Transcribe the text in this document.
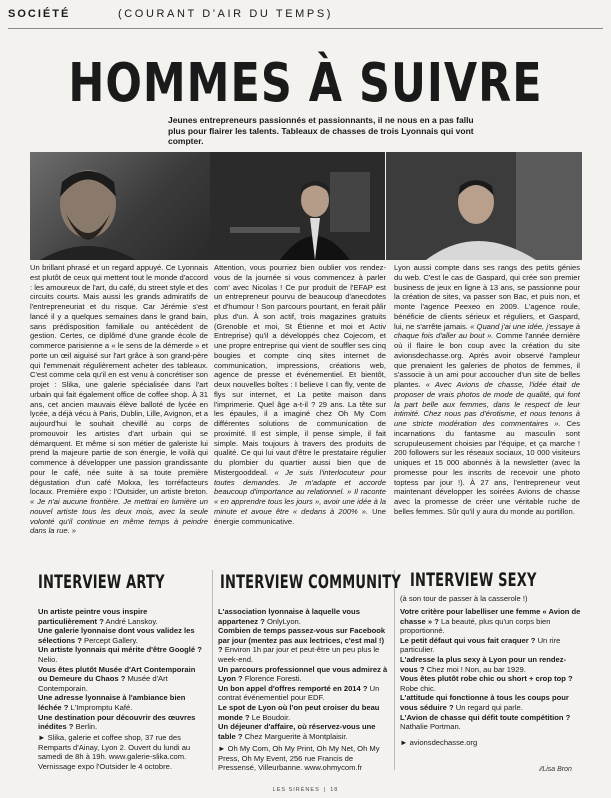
SOCIÉTÉ	(COURANT D'AIR DU TEMPS)
HOMMES À SUIVRE
Jeunes entrepreneurs passionnés et passionnants, il ne nous en a pas fallu plus pour flairer les talents. Tableaux de chasses de trois Lyonnais qui vont compter.
Un brillant phrasé et un regard appuyé. Ce Lyonnais est plutôt de ceux qui mettent tout le monde d'accord : les amoureux de l'art, du café, du street style et des circuits courts. Mais aussi les grands admiratifs de l'entrepreneuriat et du risque. Car Jérémie s'est lancé il y a quelques semaines dans le grand bain, sans prédisposition familiale ou antécédent de gestion. Certes, ce diplômé d'une grande école de commerce parisienne a « le sens de la démerde » et porte un œil aiguisé sur l'art grâce à son grand-père qui l'emmenait régulièrement acheter des tableaux. C'est comme cela qu'il en est venu à concrétiser son projet : Slika, une galerie spécialisée dans l'art urbain qui fait également office de coffee shop. À 31 ans, cet ancien mauvais élève balloté de lycée en lycée, a déjà vécu à Paris, Dublin, Lille, Avignon, et a aujourd'hui le souhait chevillé au corps de promouvoir les artistes d'art urbain qui se démarquent. Et même si son métier de galeriste lui prend la majeure partie de son énergie, le voilà qui commence à développer une passion grandissante pour le café, née suite à sa toute première dégustation d'un café Mokxa, les torréfacteurs locaux. Première expo : l'Outsider, un artiste breton. « Je n'ai aucune frontière. Je mettrai en lumière un nouvel artiste tous les deux mois, avec la seule volonté qu'il continue en même temps à peindre dans la rue. »
Attention, vous pourriez bien oublier vos rendez-vous de la journée si vous commencez à parler com' avec Nicolas ! Ce pur produit de l'EFAP est un entrepreneur pourvu de beaucoup d'anecdotes et d'humour ! Son parcours pourtant, en ferait pâlir plus d'un. À son actif, trois magazines gratuits (Grenoble et moi, St Étienne et moi et Activ Entreprise) qu'il a développés chez Cojecom, et une propre entreprise qui vient de souffler ses cinq bougies et compte cinq sites internet de communication, impressions, créations web, agence de presse et événementiel. Et bientôt, deux nouvelles boîtes : I believe I can fly, vente de flys sur internet, et La petite maison dans l'imprimerie. Quel âge a-t-il ? 29 ans. La tête sur les épaules, il a imaginé chez Oh My Com différentes solutions de communication de proximité. Il est simple, il pense simple, il fait simple. Mais toujours à travers des produits de qualité. Ce qui lui vaut d'être le prestataire régulier du plombier du quartier aussi bien que de Mistergooddeal. « Je suis l'interlocuteur pour toutes demandes. Je m'adapte et accorde beaucoup d'importance au relationnel. » Il raconte « en apprendre tous les jours », avoir une idée à la minute et avoue être « dedans à 200% ». Une énergie communicative.
Lyon aussi compte dans ses rangs des petits génies du web. C'est le cas de Gaspard, qui crée son premier business de jeux en ligne à 13 ans, se passionne pour la création de sites, va passer son Bac, et puis non, et monte l'agence Peexeo en 2009. L'agence roule, bénéficie de clients sérieux et réguliers, et Gaspard, lui, ne s'arrête jamais. « Quand j'ai une idée, j'essaye à chaque fois d'aller au bout ». Comme l'année dernière où il flaire le bon coup avec la création du site avionsdechasse.org. Après avoir observé l'ampleur que prenaient les galeries de photos de femmes, il s'associe à un ami pour accoucher d'un site de belles plantes. « Avec Avions de chasse, l'idée était de proposer de vrais photos de mode de qualité, qui font la part belle aux femmes, dans le respect de leur intimité. Chez nous pas d'érotisme, et nous tenons à une stricte modération des commentaires ». Ces incarnations du fantasme au masculin sont scrupuleusement choisies par l'équipe, et ça marche ! 200 followers sur les réseaux sociaux, 10 000 visiteurs uniques et 15 000 abonnés à la newsletter (avec la promesse pour les inscrits de recevoir une photo toptess par jour !). À 27 ans, l'entrepreneur veut maintenant développer les soirées Avions de chasse avec la promesse de créer une véritable ruche de belles femmes. Sûr qu'il y aura du monde au portillon.
INTERVIEW ARTY	INTERVIEW COMMUNITY INTERVIEW SEXY
(à son tour de passer à la casserole !)
Un artiste peintre vous inspire particulièrement ? André Lanskoy.
Une galerie lyonnaise dont vous validez les sélections ? Percept Gallery.
Un artiste lyonnais qui mérite d'être Googlé ? Nelio.
Vous êtes plutôt Musée d'Art Contemporain ou Demeure du Chaos ? Musée d'Art Contemporain.
Une adresse lyonnaise à l'ambiance bien léchée ? L'Impromptu Kafé.
Une destination pour découvrir des œuvres inédites ? Berlin.
L'association lyonnaise à laquelle vous appartenez ? OnlyLyon.
Combien de temps passez-vous sur Facebook par jour (mentez pas aux lectrices, c'est mal !) ? Environ 1h par jour et peut-être un peu plus le week-end.
Un parcours professionnel que vous admirez à Lyon ? Florence Foresti.
Un bon appel d'offres remporté en 2014 ? Un contrat événementiel pour EDF.
Le spot de Lyon où l'on peut croiser du beau monde ? Le Boudoir.
Un déjeuner d'affaire, où réservez-vous une table ? Chez Marguerite à Montplaisir.
Votre critère pour labelliser une femme « Avion de chasse » ? La beauté, plus qu'un corps bien proportionné.
Le petit défaut qui vous fait craquer ? Un rire particulier.
L'adresse la plus sexy à Lyon pour un rendez-vous ? Chez moi ! Non, au bar 1929.
Vous êtes plutôt robe chic ou short + crop top ? Robe chic.
L'attitude qui fonctionne à tous les coups pour vous séduire ? Un regard qui parle.
L'Avion de chasse qui défit toute compétition ? Nathalie Portman.
► Slika, galerie et coffee shop, 37 rue des Remparts d'Ainay, Lyon 2. Ouvert du lundi au samedi de 8h à 19h. www.galerie-slika.com. Vernissage expo l'Outsider le 4 octobre.
► Oh My Com, Oh My Print, Oh My Net, Oh My Press, Oh My Event, 256 rue Francis de Pressensé, Villeurbanne. www.ohmycom.fr
► avionsdechasse.org
∕∕ Lisa Bron
LES SIRÈNES | 18
